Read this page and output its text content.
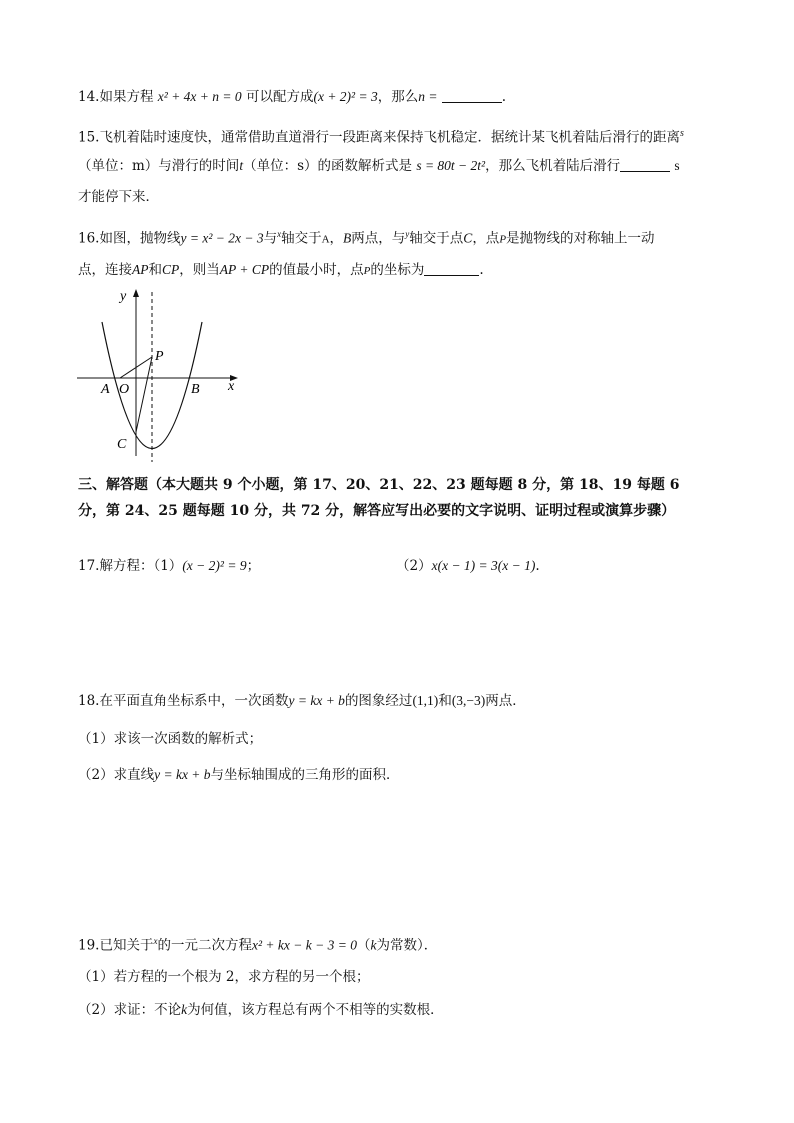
14.如果方程 x² + 4x + n = 0 可以配方成(x + 2)² = 3，那么n =	.
15.飞机着陆时速度快，通常借助直道滑行一段距离来保持飞机稳定．据统计某飞机着陆后滑行的距离$^s$
（单位：m）与滑行的时间t（单位：s）的函数解析式是 s = 80t − 2t²，那么飞机着陆后滑行	s
才能停下来．
16.如图，抛物线y = x² − 2x − 3与$^x$轴交于A，B两点，与$^y$轴交于点C，点P是抛物线的对称轴上一动
点，连接AP和CP，则当AP + CP的值最小时，点P的坐标为	.
y
x
A O	B
C
P
三、解答题（本大题共 9 个小题，第 17、20、21、22、23 题每题 8 分，第 18、19 每题 6 分，第 24、25 题每题 10 分，共 72 分，解答应写出必要的文字说明、证明过程或演算步骤）
17.解方程：（1）(x − 2)² = 9；	（2）x(x − 1) = 3(x − 1).
18.在平面直角坐标系中，一次函数y = kx + b的图象经过(1,1)和(3,−3)两点．
（1）求该一次函数的解析式；
（2）求直线y = kx + b与坐标轴围成的三角形的面积．
19.已知关于$^x$的一元二次方程x² + kx − k − 3 = 0（k为常数）．
（1）若方程的一个根为 2，求方程的另一个根；
（2）求证：不论k为何值，该方程总有两个不相等的实数根．
